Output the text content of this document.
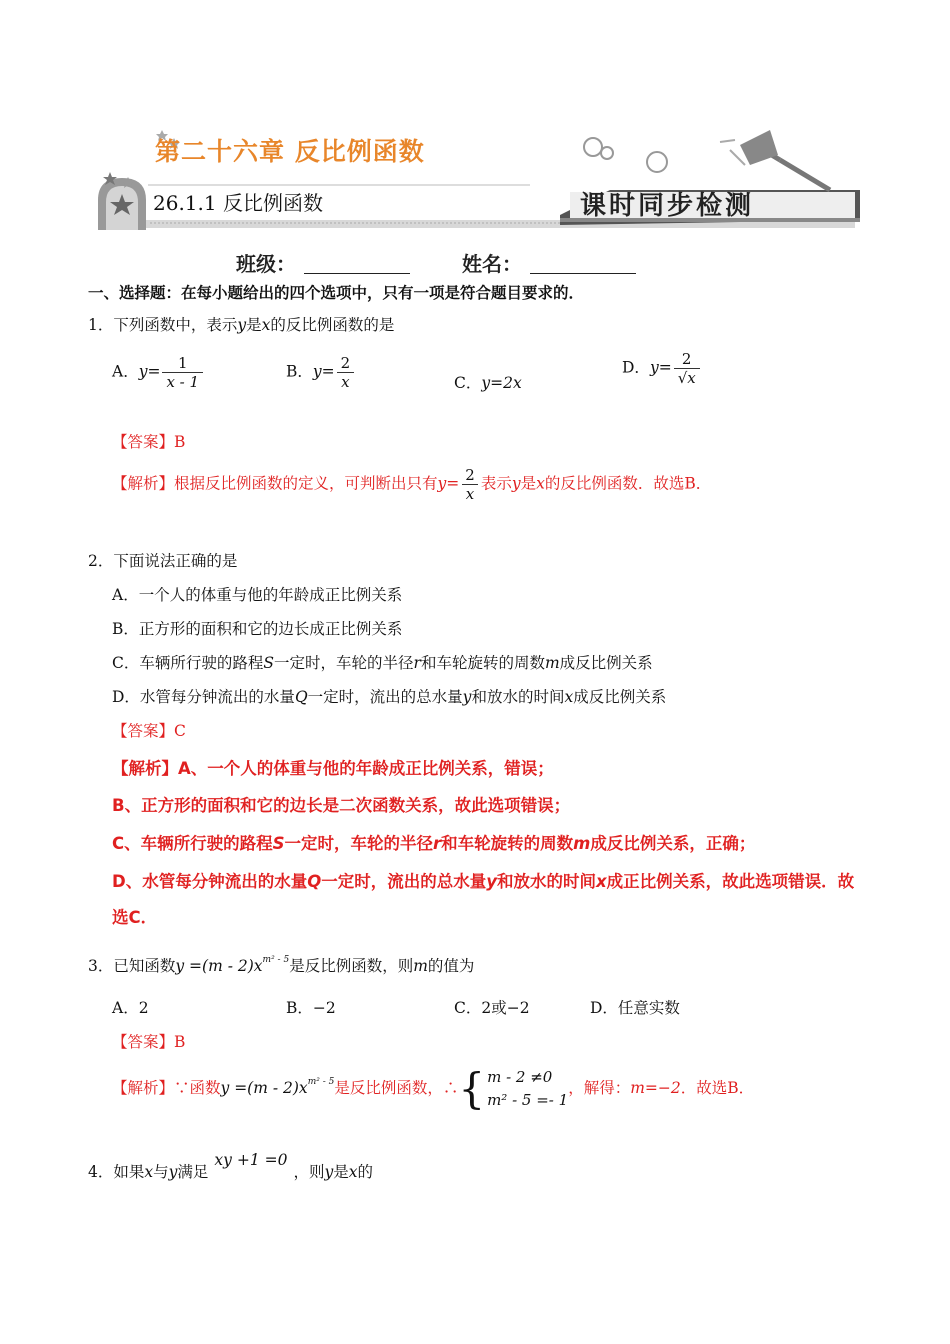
第二十六章 反比例函数
26.1.1 反比例函数	课时同步检测
班级：	姓名：
一、选择题：在每小题给出的四个选项中，只有一项是符合题目要求的．
1．下列函数中，表示y是x的反比例函数的是
A．$y= \frac{1}{x - 1}$	B．$y= \frac{2}{x}$	C．y=2x
D．$y= \frac{2}{√x}$
【答案】B
【解析】根据反比例函数的定义，可判断出只有$y= \frac{2}{x}$ 表示y是x的反比例函数．故选B．
2．下面说法正确的是
A．一个人的体重与他的年龄成正比例关系
B．正方形的面积和它的边长成正比例关系
C．车辆所行驶的路程S一定时，车轮的半径r和车轮旋转的周数m成反比例关系
D．水管每分钟流出的水量Q一定时，流出的总水量y和放水的时间x成反比例关系
【答案】C
【解析】A、一个人的体重与他的年龄成正比例关系，错误；
B、正方形的面积和它的边长是二次函数关系，故此选项错误；
C、车辆所行驶的路程S一定时，车轮的半径r和车轮旋转的周数m成反比例关系，正确；
D、水管每分钟流出的水量Q一定时，流出的总水量y和放水的时间x成正比例关系，故此选项错误．故
选C．
3．已知函数$y =(m - 2)x^{m^2 - 5}$是反比例函数，则m的值为
A．2	B．−2	C．2或−2	D．任意实数
【答案】B
【解析】∵函数$y =(m - 2)x^{m^2 - 5}$是反比例函数，∴ { m - 2 ≠0
m² - 5 =- 1
，解得：m=−2．故选B．
4．如果x与y满足xy +1 =0，则y是x的
